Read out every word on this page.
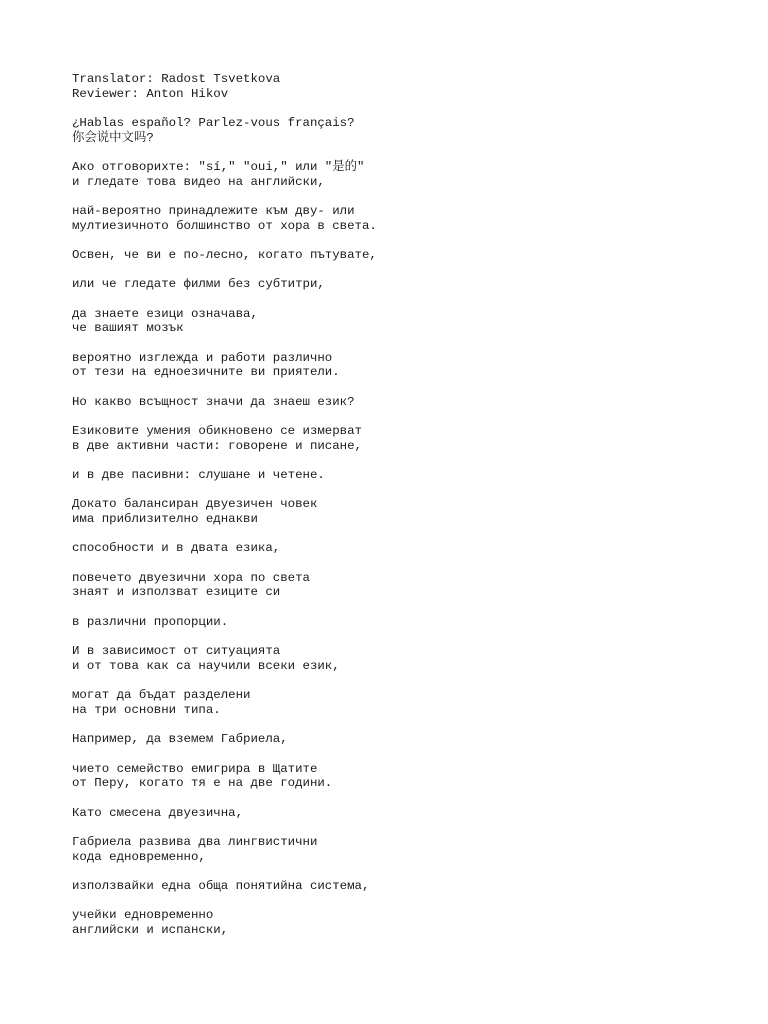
Translator: Radost Tsvetkova
Reviewer: Anton Hikov
¿Hablas español? Parlez-vous français?
你会说中文吗?
Ако отговорихте: "sí," "oui," или "是的"
и гледате това видео на английски,
най-вероятно принадлежите към дву- или
мултиезичното болшинство от хора в света.
Освен, че ви е по-лесно, когато пътувате,
или че гледате филми без субтитри,
да знаете езици означава,
че вашият мозък
вероятно изглежда и работи различно
от тези на едноезичните ви приятели.
Но какво всъщност значи да знаеш език?
Езиковите умения обикновено се измерват
в две активни части: говорене и писане,
и в две пасивни: слушане и четене.
Докато балансиран двуезичен човек
има приблизително еднакви
способности и в двата езика,
повечето двуезични хора по света
знаят и използват езиците си
в различни пропорции.
И в зависимост от ситуацията
и от това как са научили всеки език,
могат да бъдат разделени
на три основни типа.
Например, да вземем Габриела,
чието семейство емигрира в Щатите
от Перу, когато тя е на две години.
Като смесена двуезична,
Габриела развива два лингвистични
кода едновременно,
използвайки една обща понятийна система,
учейки едновременно
английски и испански,
